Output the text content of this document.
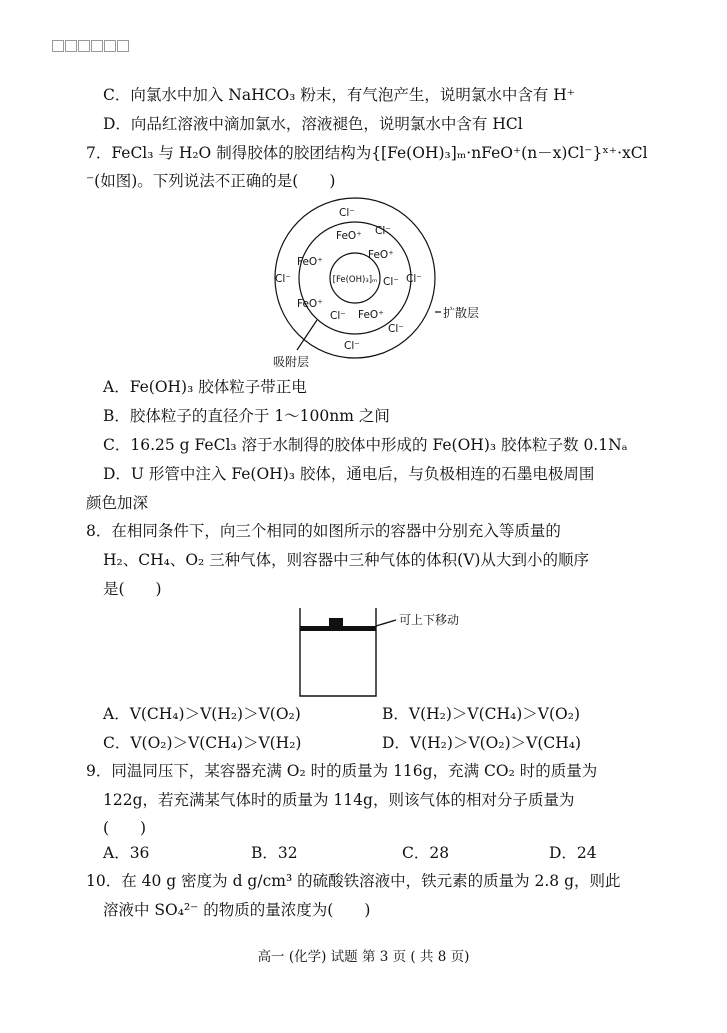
C．向氯水中加入 NaHCO₃ 粉末，有气泡产生，说明氯水中含有 H⁺
D．向品红溶液中滴加氯水，溶液褪色，说明氯水中含有 HCl
7．FeCl₃ 与 H₂O 制得胶体的胶团结构为{[Fe(OH)₃]ₘ·nFeO⁺(n－x)Cl⁻}ˣ⁺·xCl
⁻(如图)。下列说法不正确的是(　　)
[Fe(OH)₃]ₘ
Cl⁻
Cl⁻
Cl⁻	Cl⁻
Cl⁻
Cl⁻
Cl⁻
Cl⁻
FeO⁺
FeO⁺
FeO⁺
FeO⁺
FeO⁺	扩散层
吸附层
A．Fe(OH)₃ 胶体粒子带正电
B．胶体粒子的直径介于 1～100nm 之间
C．16.25 g FeCl₃ 溶于水制得的胶体中形成的 Fe(OH)₃ 胶体粒子数 0.1Nₐ
D．U 形管中注入 Fe(OH)₃ 胶体，通电后，与负极相连的石墨电极周围
颜色加深
8．在相同条件下，向三个相同的如图所示的容器中分别充入等质量的
H₂、CH₄、O₂ 三种气体，则容器中三种气体的体积(V)从大到小的顺序
是(　　)
可上下移动
A．V(CH₄)＞V(H₂)＞V(O₂)	B．V(H₂)＞V(CH₄)＞V(O₂)
C．V(O₂)＞V(CH₄)＞V(H₂)	D．V(H₂)＞V(O₂)＞V(CH₄)
9．同温同压下，某容器充满 O₂ 时的质量为 116g，充满 CO₂ 时的质量为
122g，若充满某气体时的质量为 114g，则该气体的相对分子质量为
(　　)
A．36	B．32	C．28	D．24
10．在 40 g 密度为 d g/cm³ 的硫酸铁溶液中，铁元素的质量为 2.8 g，则此
溶液中 SO₄²⁻ 的物质的量浓度为(　　)
高一 (化学) 试题 第 3 页 ( 共 8 页)
